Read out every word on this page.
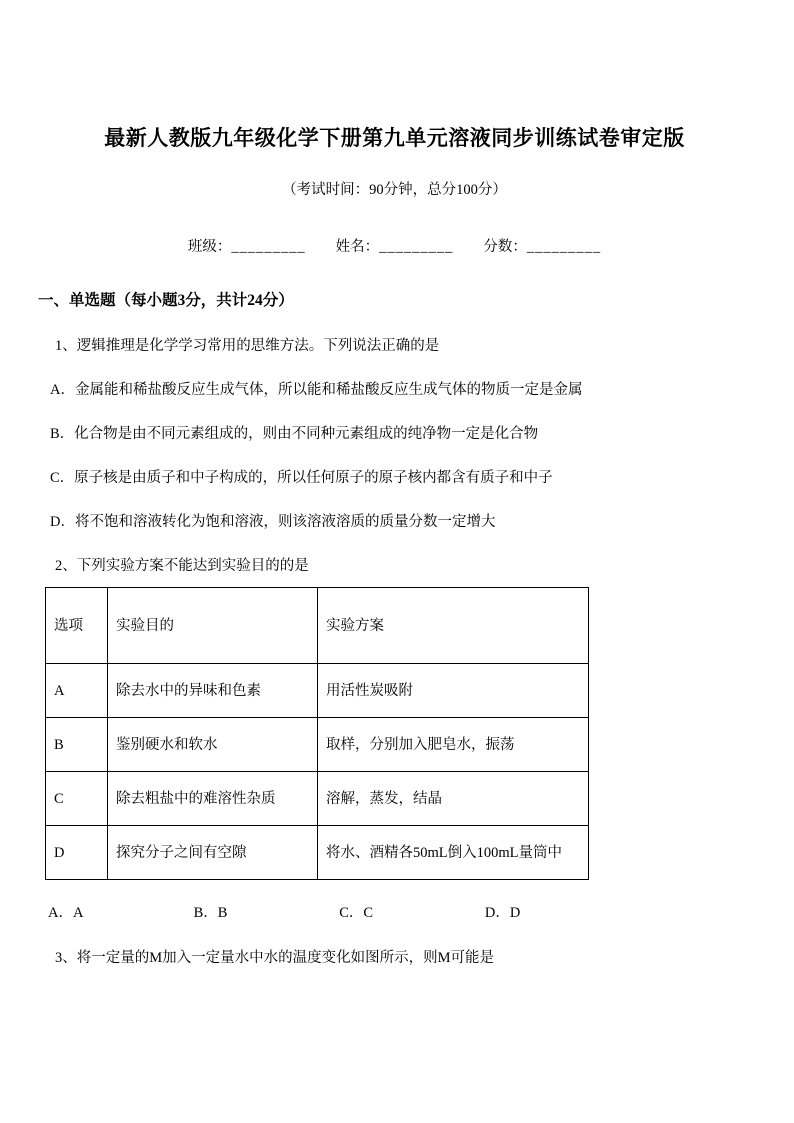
最新人教版九年级化学下册第九单元溶液同步训练试卷审定版
（考试时间：90分钟，总分100分）
班级：_________ 姓名：_________ 分数：_________
一、单选题（每小题3分，共计24分）

1、逻辑推理是化学学习常用的思维方法。下列说法正确的是

A．金属能和稀盐酸反应生成气体，所以能和稀盐酸反应生成气体的物质一定是金属

B．化合物是由不同元素组成的，则由不同种元素组成的纯净物一定是化合物

C．原子核是由质子和中子构成的，所以任何原子的原子核内都含有质子和中子

D．将不饱和溶液转化为饱和溶液，则该溶液溶质的质量分数一定增大

2、下列实验方案不能达到实验目的的是

选项	实验目的	实验方案
A	除去水中的异味和色素	用活性炭吸附
B	鉴别硬水和软水	取样，分别加入肥皂水，振荡
C	除去粗盐中的难溶性杂质	溶解，蒸发，结晶
D	探究分子之间有空隙	将水、酒精各50mL倒入100mL量筒中
A．A	B．B	C．C	D．D

3、将一定量的M加入一定量水中水的温度变化如图所示，则M可能是
